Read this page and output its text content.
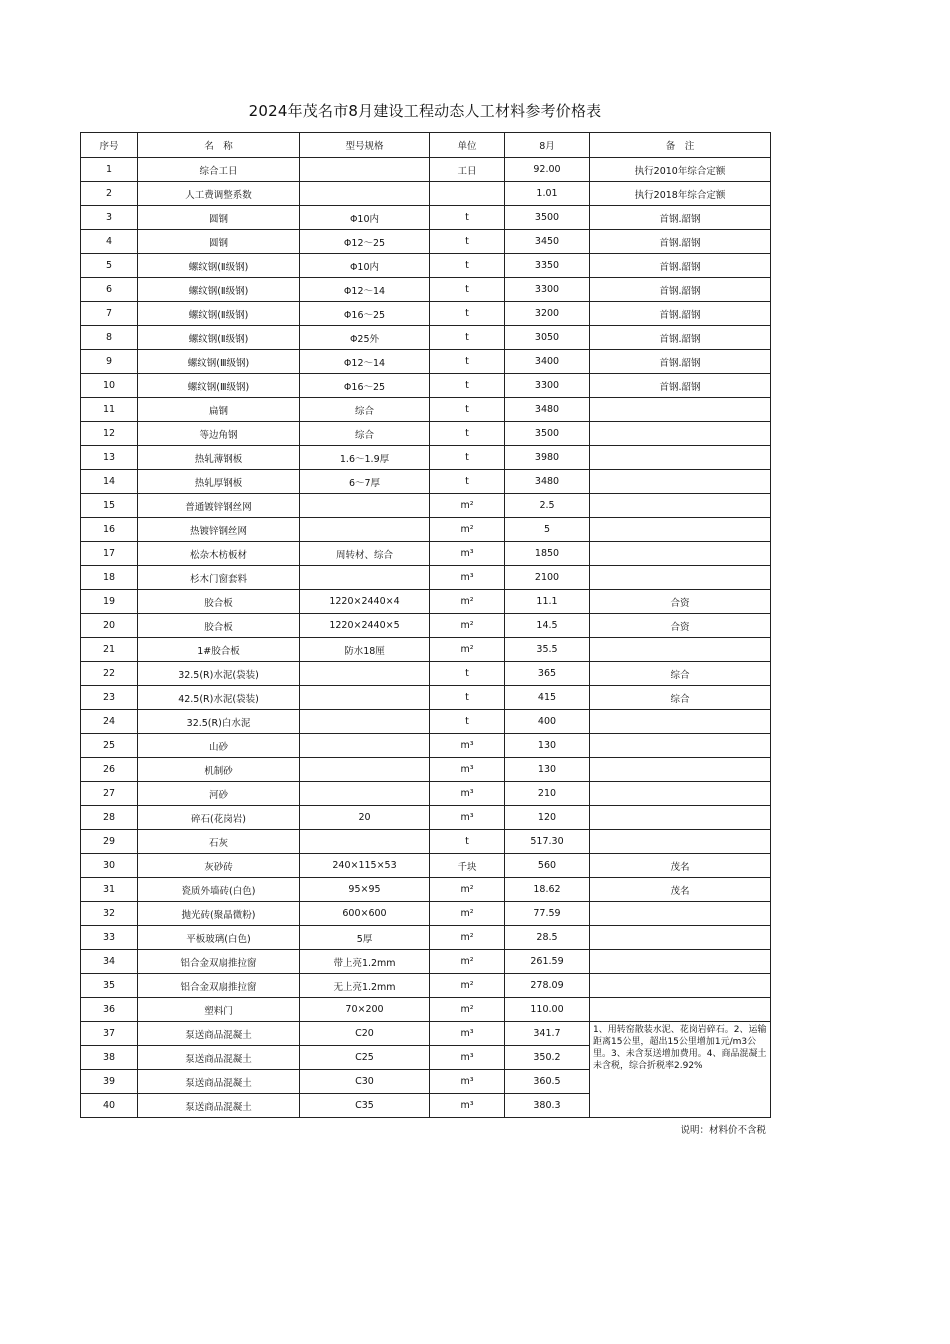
2024年茂名市8月建设工程动态人工材料参考价格表
序号	名　称	型号规格	单位	8月	备　注
1	综合工日		工日	92.00	执行2010年综合定额
2	人工费调整系数			1.01	执行2018年综合定额
3	圆钢	Φ10内	t	3500	首钢.韶钢
4	圆钢	Φ12～25	t	3450	首钢.韶钢
5	螺纹钢(Ⅱ级钢)	Φ10内	t	3350	首钢.韶钢
6	螺纹钢(Ⅱ级钢)	Φ12～14	t	3300	首钢.韶钢
7	螺纹钢(Ⅱ级钢)	Φ16～25	t	3200	首钢.韶钢
8	螺纹钢(Ⅱ级钢)	Φ25外	t	3050	首钢.韶钢
9	螺纹钢(Ⅲ级钢)	Φ12～14	t	3400	首钢.韶钢
10	螺纹钢(Ⅲ级钢)	Φ16～25	t	3300	首钢.韶钢
11	扁钢	综合	t	3480	
12	等边角钢	综合	t	3500	
13	热轧薄钢板	1.6～1.9厚	t	3980	
14	热轧厚钢板	6～7厚	t	3480	
15	普通镀锌钢丝网		m²	2.5	
16	热镀锌钢丝网		m²	5	
17	松杂木枋板材	周转材、综合	m³	1850	
18	杉木门窗套料		m³	2100	
19	胶合板	1220×2440×4	m²	11.1	合资
20	胶合板	1220×2440×5	m²	14.5	合资
21	1#胶合板	防水18厘	m²	35.5	
22	32.5(R)水泥(袋装)		t	365	综合
23	42.5(R)水泥(袋装)		t	415	综合
24	32.5(R)白水泥		t	400	
25	山砂		m³	130	
26	机制砂		m³	130	
27	河砂		m³	210	
28	碎石(花岗岩)	20	m³	120	
29	石灰		t	517.30	
30	灰砂砖	240×115×53	千块	560	茂名
31	瓷质外墙砖(白色)	95×95	m²	18.62	茂名
32	抛光砖(聚晶微粉)	600×600	m²	77.59	
33	平板玻璃(白色)	5厚	m²	28.5	
34	铝合金双扇推拉窗	带上亮1.2mm	m²	261.59	
35	铝合金双扇推拉窗	无上亮1.2mm	m²	278.09	
36	塑料门	70×200	m²	110.00	
37	泵送商品混凝土	C20	m³	341.7	1、用转窑散装水泥、花岗岩碎石。2、运输距离15公里，超出15公里增加1元/m3公里。3、未含泵送增加费用。4、商品混凝土未含税，综合折税率2.92%
38	泵送商品混凝土	C25	m³	350.2	
39	泵送商品混凝土	C30	m³	360.5	
40	泵送商品混凝土	C35	m³	380.3	
说明：材料价不含税
